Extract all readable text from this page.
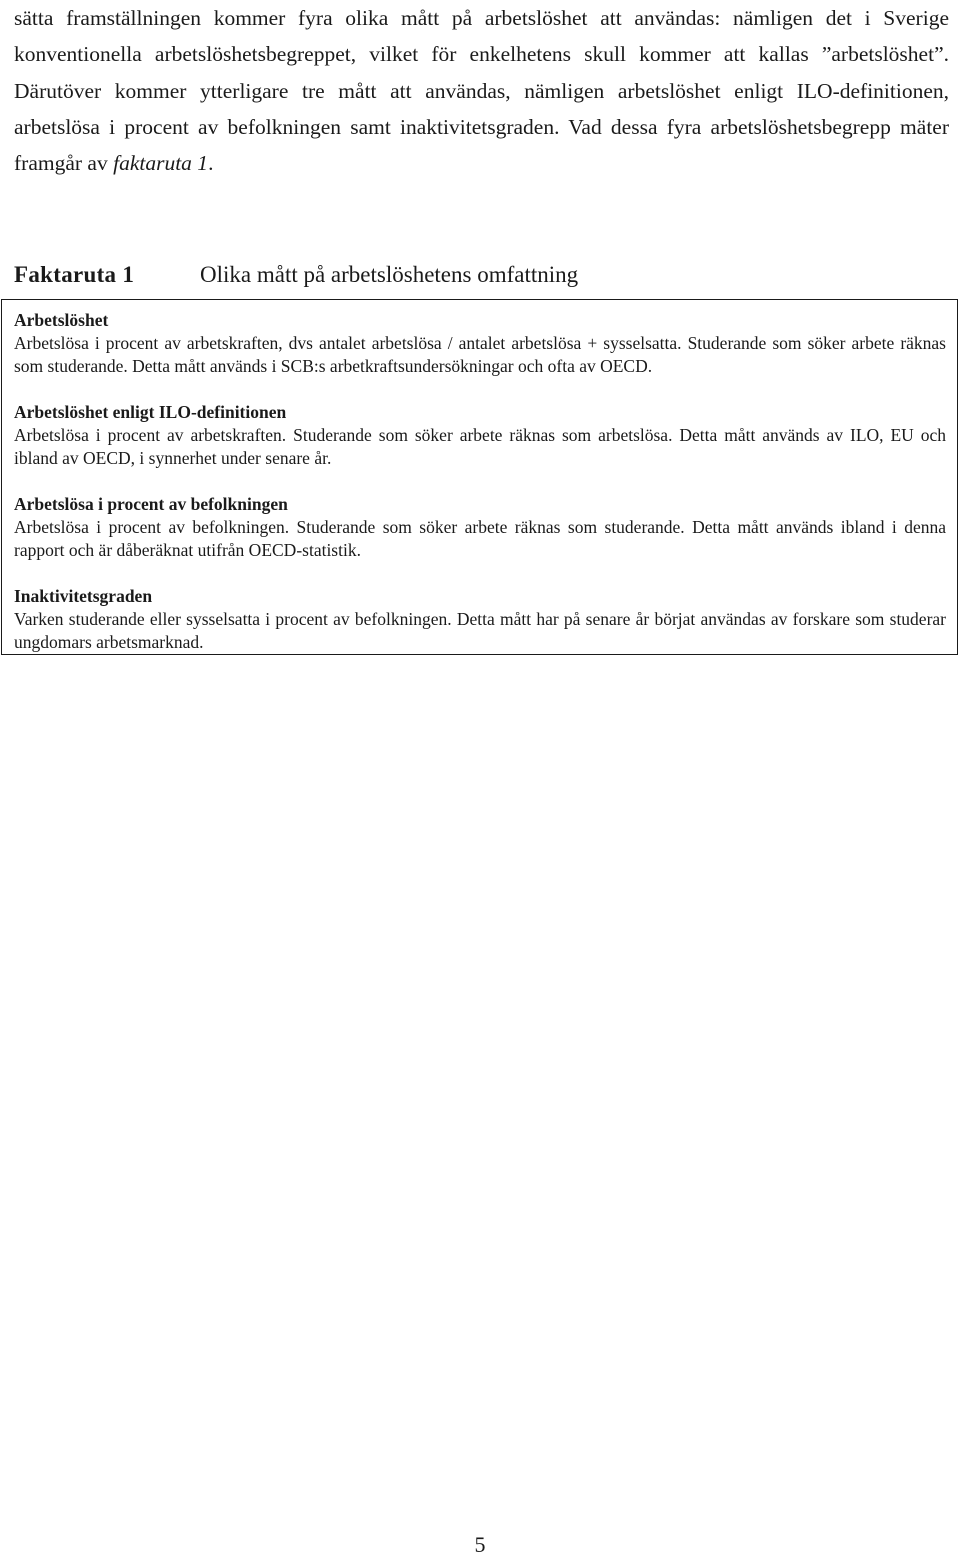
sätta framställningen kommer fyra olika mått på arbetslöshet att användas: nämligen det i Sverige konventionella arbetslöshetsbegreppet, vilket för enkelhetens skull kommer att kallas ”arbetslöshet”. Därutöver kommer ytterligare tre mått att användas, nämligen arbetslöshet enligt ILO-definitionen, arbetslösa i procent av befolkningen samt inaktivitetsgraden. Vad dessa fyra arbetslöshetsbegrepp mäter framgår av faktaruta 1.

Faktaruta 1	Olika mått på arbetslöshetens omfattning
Arbetslöshet

Arbetslösa i procent av arbetskraften, dvs antalet arbetslösa / antalet arbetslösa + sysselsatta. Studerande som söker arbete räknas som studerande. Detta mått används i SCB:s arbetkraftsundersökningar och ofta av OECD.

Arbetslöshet enligt ILO-definitionen

Arbetslösa i procent av arbetskraften. Studerande som söker arbete räknas som arbetslösa. Detta mått används av ILO, EU och ibland av OECD, i synnerhet under senare år.

Arbetslösa i procent av befolkningen

Arbetslösa i procent av befolkningen. Studerande som söker arbete räknas som studerande. Detta mått används ibland i denna rapport och är dåberäknat utifrån OECD-statistik.

Inaktivitetsgraden

Varken studerande eller sysselsatta i procent av befolkningen. Detta mått har på senare år börjat användas av forskare som studerar ungdomars arbetsmarknad.

5
